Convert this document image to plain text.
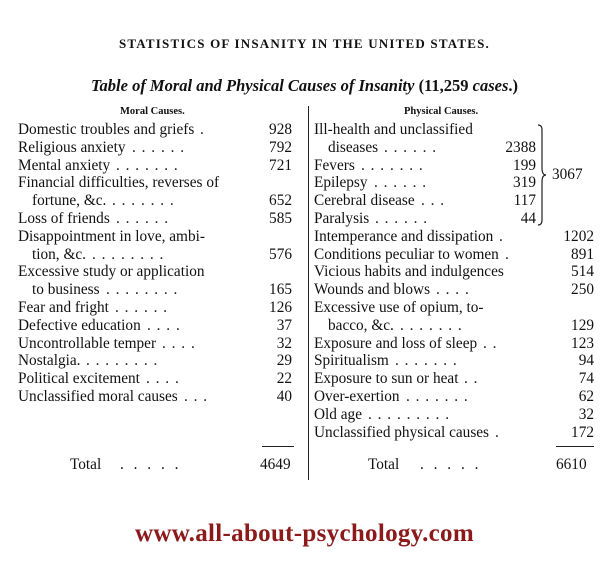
STATISTICS OF INSANITY IN THE UNITED STATES.
Table of Moral and Physical Causes of Insanity (11,259 cases.)
Moral Causes.	Physical Causes.
Domestic troubles and griefs .	928
Religious anxiety . . . . . .	792
Mental anxiety . . . . . . .	721
Financial difficulties, reverses of
fortune, &c. . . . . . . .	652
Loss of friends . . . . . .	585
Disappointment in love, ambi-
tion, &c. . . . . . . . .	576
Excessive study or application
to business . . . . . . . .	165
Fear and fright . . . . . .	126
Defective education . . . .	37
Uncontrollable temper . . . .	32
Nostalgia. . . . . . . . .	29
Political excitement . . . .	22
Unclassified moral causes . . .	40
Ill-health and unclassified
diseases . . . . . .	2388
Fevers . . . . . . .	199
Epilepsy . . . . . .	319
Cerebral disease . . .	117
Paralysis . . . . . .	44
Intemperance and dissipation .	1202
Conditions peculiar to women .	891
Vicious habits and indulgences	514
Wounds and blows . . . .	250
Excessive use of opium, to-
bacco, &c. . . . . . . .	129
Exposure and loss of sleep . .	123
Spiritualism . . . . . . .	94
Exposure to sun or heat . .	74
Over-exertion . . . . . . .	62
Old age . . . . . . . . .	32
Unclassified physical causes .	172
3067
Total . . . . .	4649	Total . . . . .	6610
www.all-about-psychology.com
